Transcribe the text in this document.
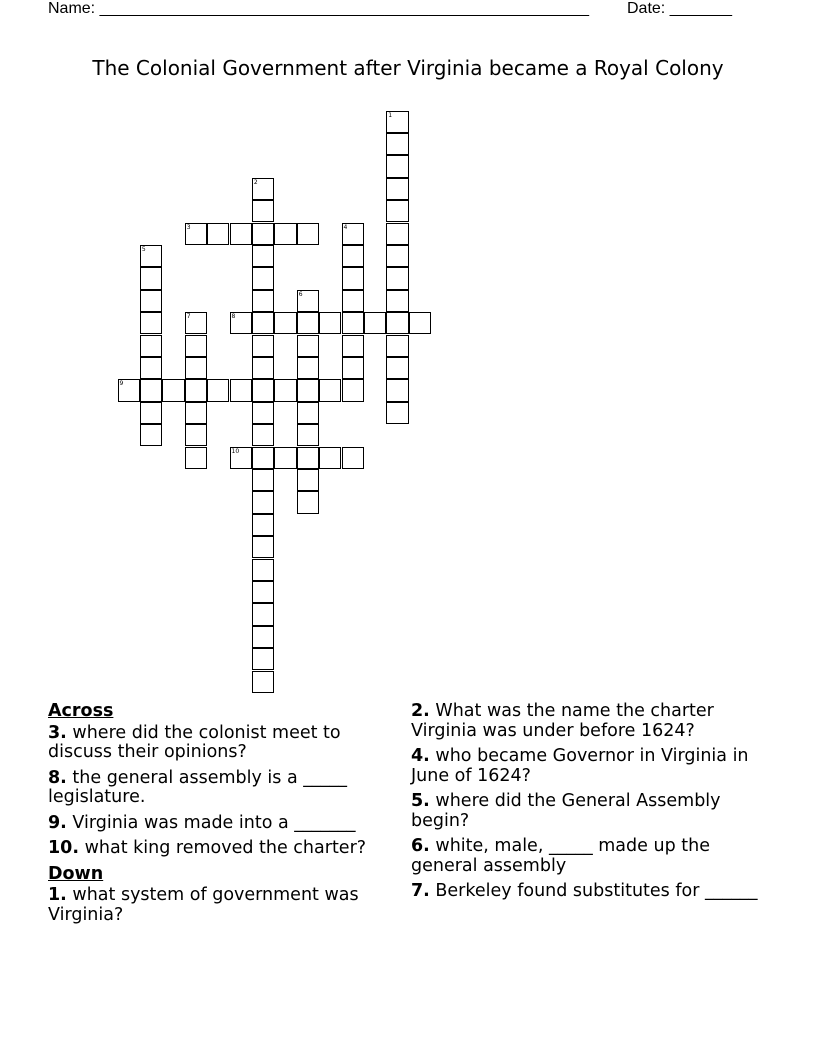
Name: _______________________________________________________ Date: _______
The Colonial Government after Virginia became a Royal Colony
1
2
3	4
5
6
7	8
9
10
Across
3. where did the colonist meet to discuss their opinions?
8. the general assembly is a _____ legislature.
9. Virginia was made into a _______
10. what king removed the charter?
Down
1. what system of government was Virginia?
2. What was the name the charter Virginia was under before 1624?
4. who became Governor in Virginia in June of 1624?
5. where did the General Assembly begin?
6. white, male, _____ made up the general assembly
7. Berkeley found substitutes for ______
